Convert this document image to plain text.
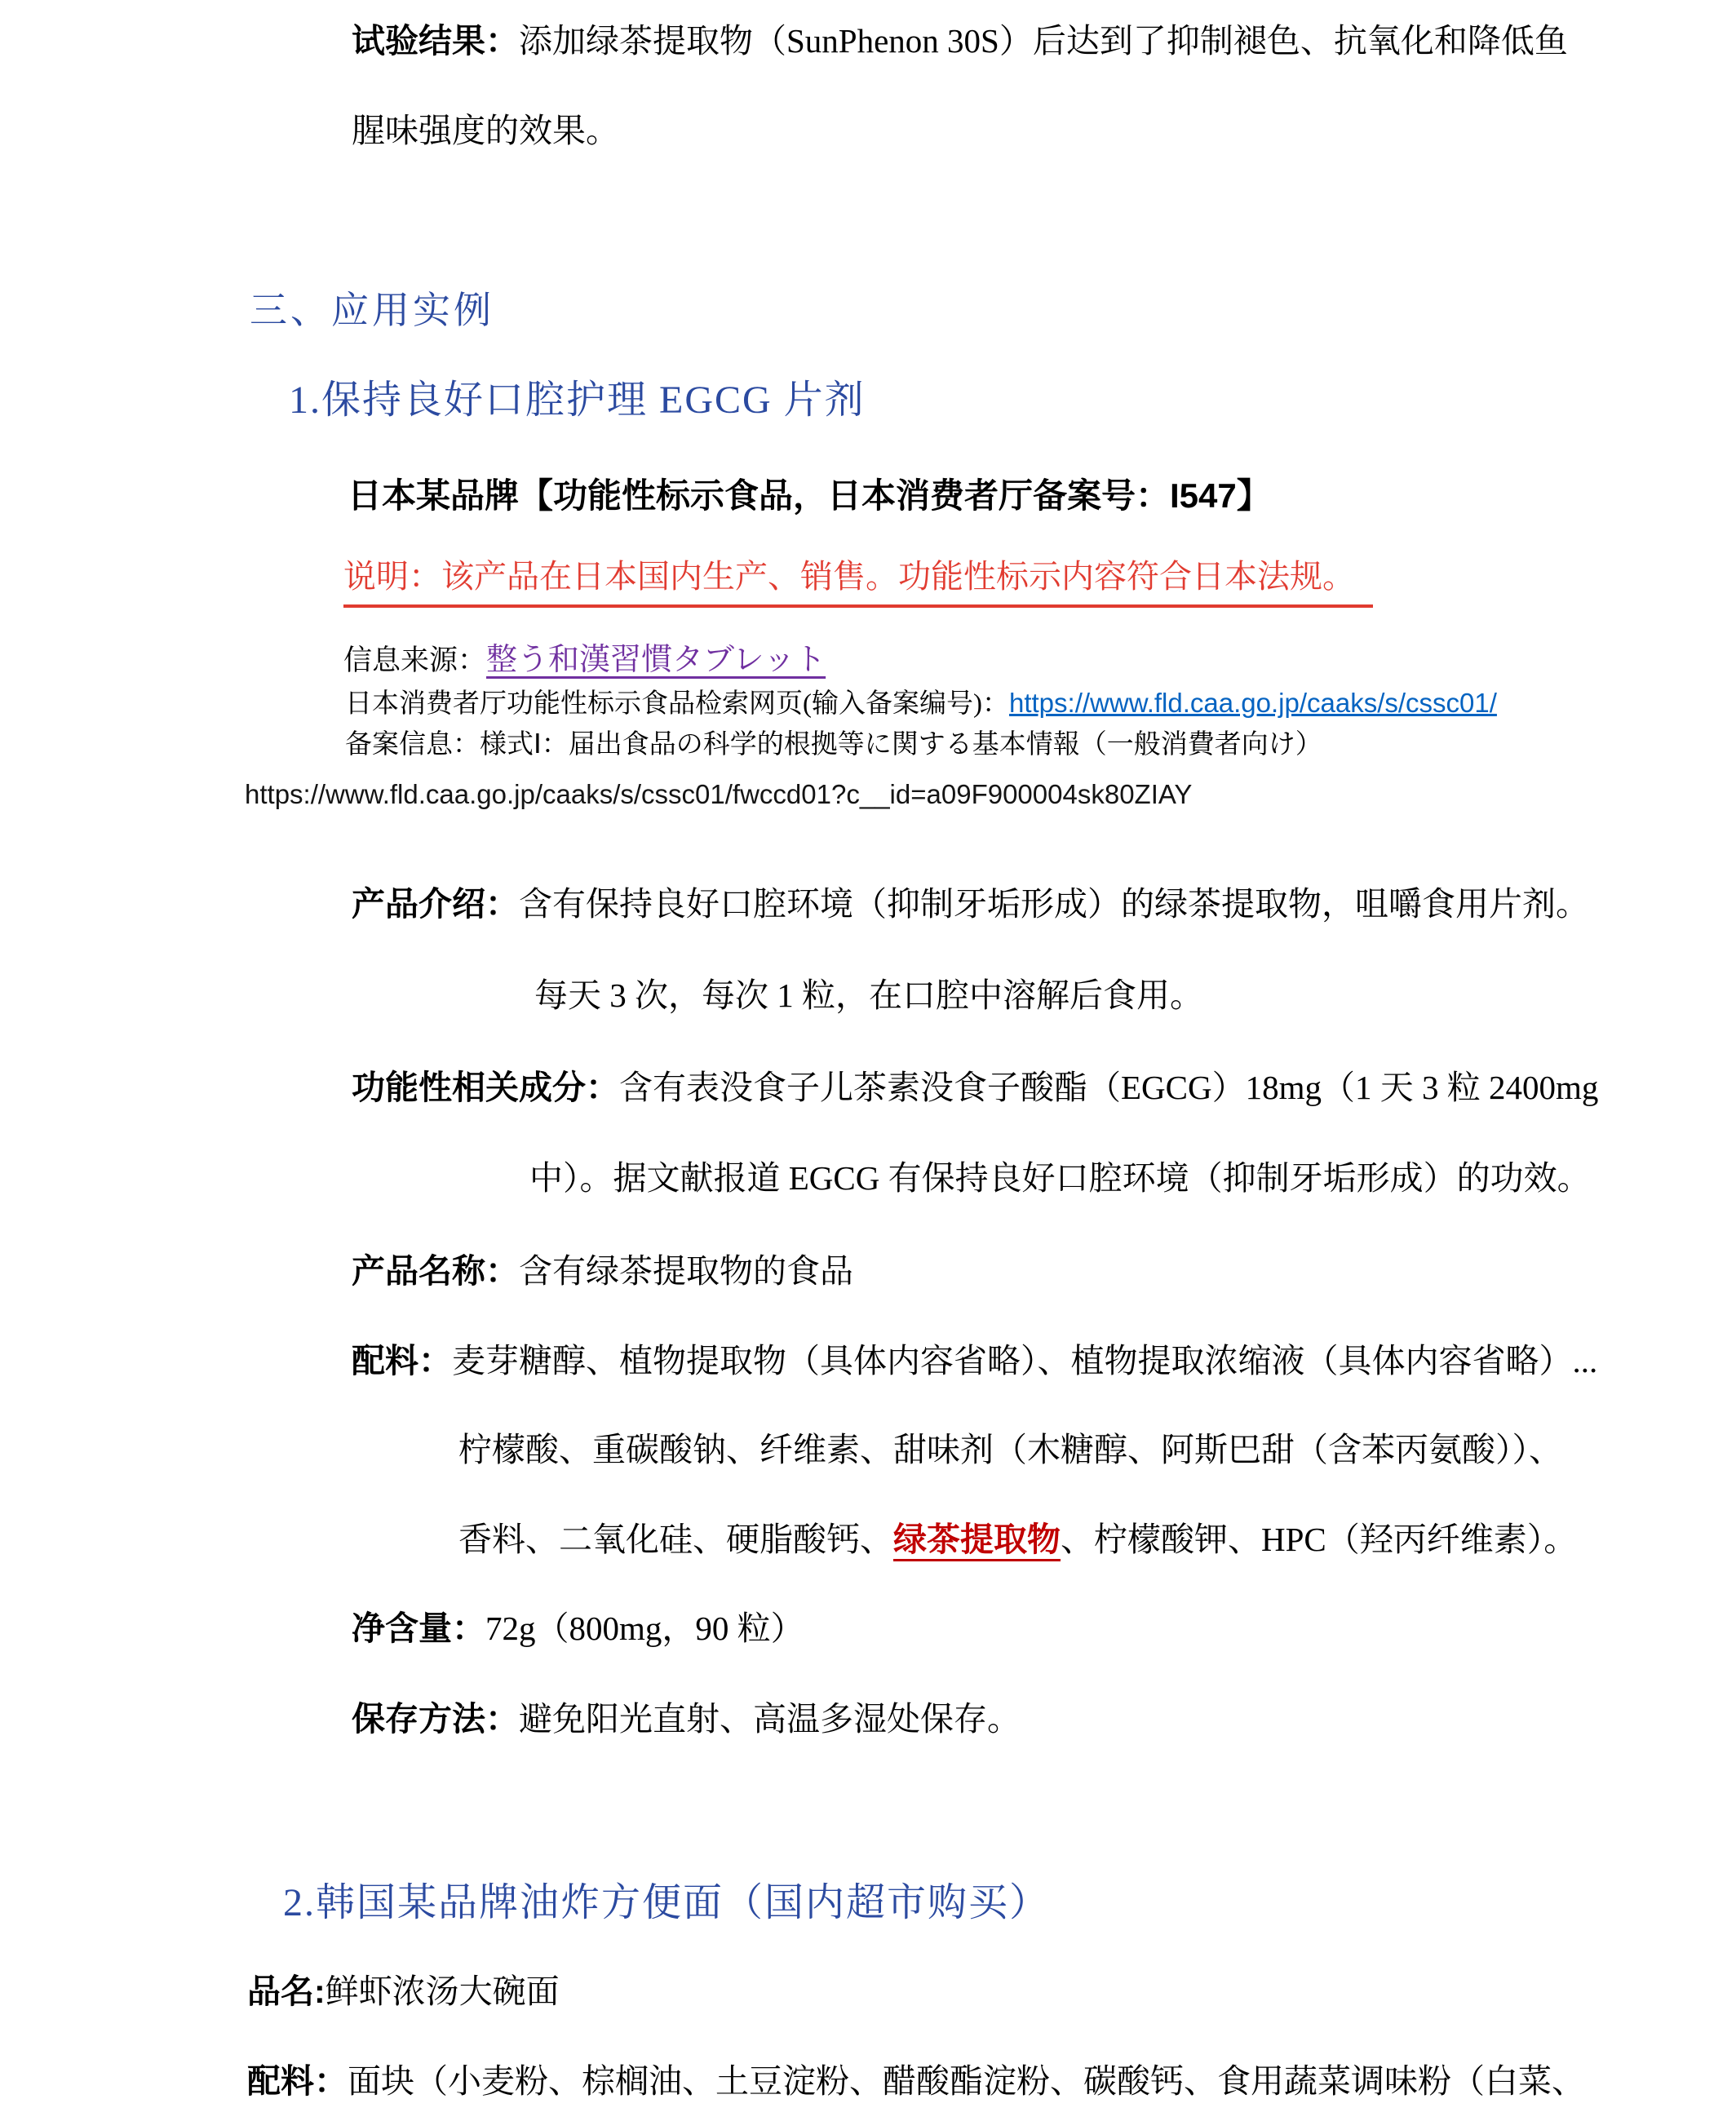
试验结果：添加绿茶提取物（SunPhenon 30S）后达到了抑制褪色、抗氧化和降低鱼
腥味强度的效果。
三、应用实例
1.保持良好口腔护理 EGCG 片剂
日本某品牌【功能性标示食品，日本消费者厅备案号：I547】
说明：该产品在日本国内生产、销售。功能性标示内容符合日本法规。
信息来源：整う和漢習慣タブレット
日本消费者厅功能性标示食品检索网页(输入备案编号)：https://www.fld.caa.go.jp/caaks/s/cssc01/
备案信息：様式Ⅰ：届出食品の科学的根拠等に関する基本情報（一般消費者向け）
https://www.fld.caa.go.jp/caaks/s/cssc01/fwccd01?c__id=a09F900004sk80ZIAY
产品介绍：含有保持良好口腔环境（抑制牙垢形成）的绿茶提取物，咀嚼食用片剂。
每天 3 次，每次 1 粒，在口腔中溶解后食用。
功能性相关成分：含有表没食子儿茶素没食子酸酯（EGCG）18mg（1 天 3 粒 2400mg
中）。据文献报道 EGCG 有保持良好口腔环境（抑制牙垢形成）的功效。
产品名称：含有绿茶提取物的食品
配料：麦芽糖醇、植物提取物（具体内容省略）、植物提取浓缩液（具体内容省略）...
柠檬酸、重碳酸钠、纤维素、甜味剂（木糖醇、阿斯巴甜（含苯丙氨酸））、
香料、二氧化硅、硬脂酸钙、绿茶提取物、柠檬酸钾、HPC（羟丙纤维素）。
净含量：72g（800mg，90 粒）
保存方法：避免阳光直射、高温多湿处保存。
2.韩国某品牌油炸方便面（国内超市购买）
品名:鲜虾浓汤大碗面
配料：面块（小麦粉、棕榈油、土豆淀粉、醋酸酯淀粉、碳酸钙、食用蔬菜调味粉（白菜、
